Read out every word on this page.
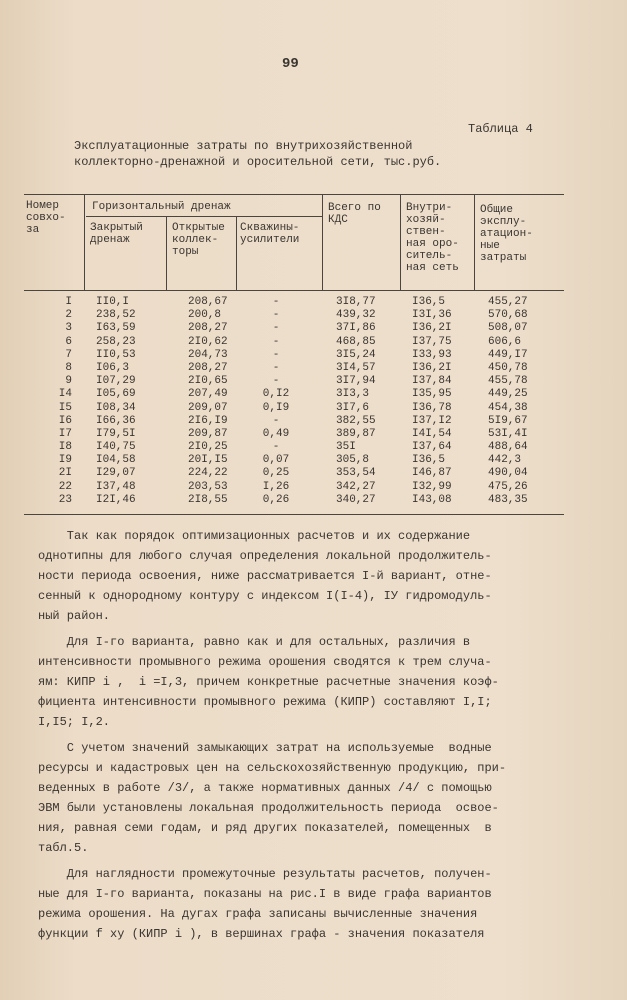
99
Таблица 4
Эксплуатационные затраты по внутрихозяйственной
коллекторно-дренажной и оросительной сети, тыс.руб.
Номер
совхо-
за
Горизонтальный дренаж
Закрытый
дренаж
Открытые
коллек-
торы
Скважины-
усилители
Всего по
КДС
Внутри-
хозяй-
ствен-
ная оро-
ситель-
ная сеть
Общие
эксплу-
атацион-
ные
затраты
I
2
3
6
7
8
9
I4
I5
I6
I7
I8
I9
2I
22
23
II0,I
238,52
I63,59
258,23
II0,53
I06,3
I07,29
I05,69
I08,34
I66,36
I79,5I
I40,75
I04,58
I29,07
I37,48
I2I,46
208,67
200,8
208,27
2I0,62
204,73
208,27
2I0,65
207,49
209,07
2I6,I9
209,87
2I0,25
20I,I5
224,22
203,53
2I8,55
-
-
-
-
-
-
-
0,I2
0,I9
-
0,49
-
0,07
0,25
I,26
0,26
3I8,77
439,32
37I,86
468,85
3I5,24
3I4,57
3I7,94
3I3,3
3I7,6
382,55
389,87
35I
305,8
353,54
342,27
340,27
I36,5
I3I,36
I36,2I
I37,75
I33,93
I36,2I
I37,84
I35,95
I36,78
I37,I2
I4I,54
I37,64
I36,5
I46,87
I32,99
I43,08
455,27
570,68
508,07
606,6
449,I7
450,78
455,78
449,25
454,38
5I9,67
53I,4I
488,64
442,3
490,04
475,26
483,35

Так как порядок оптимизационных расчетов и их содержание
однотипны для любого случая определения локальной продолжитель-
ности периода освоения, ниже рассматривается I-й вариант, отне-
сенный к однородному контуру с индексом I(I-4), IУ гидромодуль-
ный район.

Для I-го варианта, равно как и для остальных, различия в
интенсивности промывного режима орошения сводятся к трем случа-
ям: КИПР i ,  i =I,3, причем конкретные расчетные значения коэф-
фициента интенсивности промывного режима (КИПР) составляют I,I;
I,I5; I,2.

С учетом значений замыкающих затрат на используемые  водные
ресурсы и кадастровых цен на сельскохозяйственную продукцию, при-
веденных в работе /3/, а также нормативных данных /4/ с помощью
ЭВМ были установлены локальная продолжительность периода  освое-
ния, равная семи годам, и ряд других показателей, помещенных  в
табл.5.

Для наглядности промежуточные результаты расчетов, получен-
ные для I-го варианта, показаны на рис.I в виде графа вариантов
режима орошения. На дугах графа записаны вычисленные значения
функции f xy (КИПР i ), в вершинах графа - значения показателя
